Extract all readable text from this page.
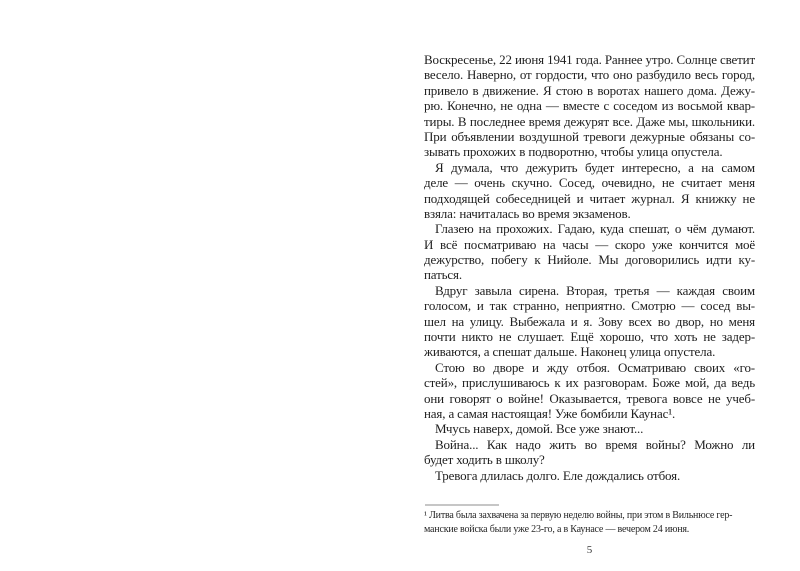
Воскресенье, 22 июня 1941 года. Раннее утро. Солнце светит
весело. Наверно, от гордости, что оно разбудило весь город,
привело в движение. Я стою в воротах нашего дома. Дежу-
рю. Конечно, не одна — вместе с соседом из восьмой квар-
тиры. В последнее время дежурят все. Даже мы, школьники.
При объявлении воздушной тревоги дежурные обязаны со-
зывать прохожих в подворотню, чтобы улица опустела.
Я думала, что дежурить будет интересно, а на самом
деле — очень скучно. Сосед, очевидно, не считает меня
подходящей собеседницей и читает журнал. Я книжку не
взяла: начиталась во время экзаменов.
Глазею на прохожих. Гадаю, куда спешат, о чём думают.
И всё посматриваю на часы — скоро уже кончится моё
дежурство, побегу к Нийоле. Мы договорились идти ку-
паться.
Вдруг завыла сирена. Вторая, третья — каждая своим
голосом, и так странно, неприятно. Смотрю — сосед вы-
шел на улицу. Выбежала и я. Зову всех во двор, но меня
почти никто не слушает. Ещё хорошо, что хоть не задер-
живаются, а спешат дальше. Наконец улица опустела.
Стою во дворе и жду отбоя. Осматриваю своих «го-
стей», прислушиваюсь к их разговорам. Боже мой, да ведь
они говорят о войне! Оказывается, тревога вовсе не учеб-
ная, а самая настоящая! Уже бомбили Каунас¹.
Мчусь наверх, домой. Все уже знают...
Война... Как надо жить во время войны? Можно ли
будет ходить в школу?
Тревога длилась долго. Еле дождались отбоя.
¹ Литва была захвачена за первую неделю войны, при этом в Вильнюсе гер-
манские войска были уже 23-го, а в Каунасе — вечером 24 июня.
5
